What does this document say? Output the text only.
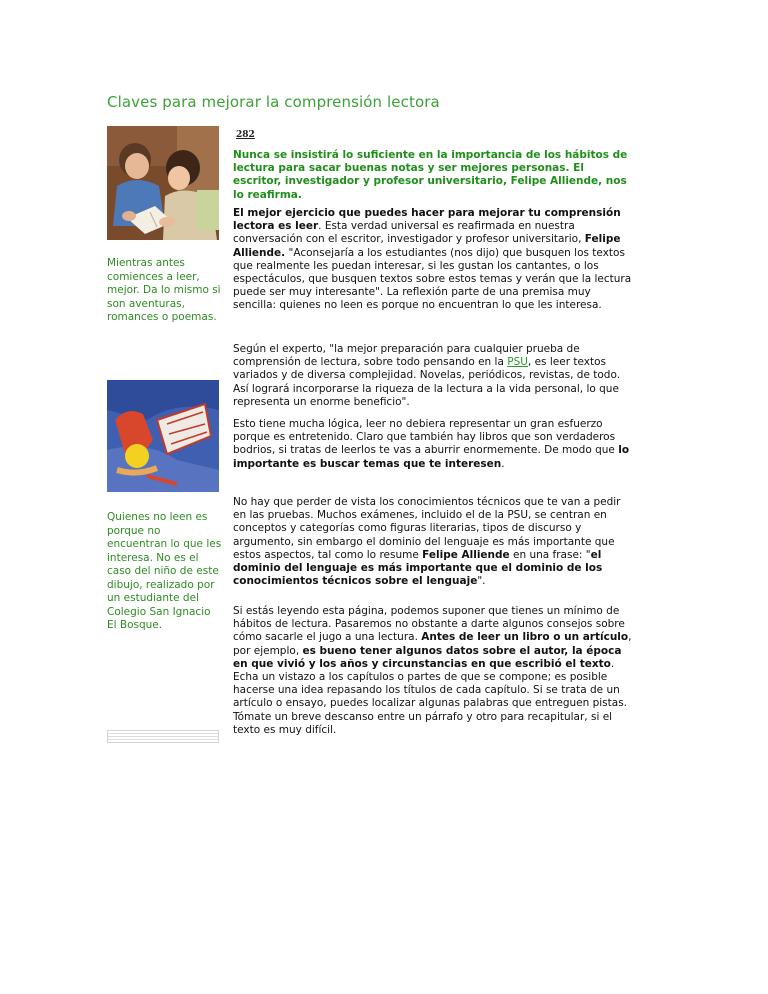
Claves para mejorar la comprensión lectora

Mientras antes comiences a leer, mejor. Da lo mismo si son aventuras, romances o poemas.

Quienes no leen es porque no encuentran lo que les interesa. No es el caso del niño de este dibujo, realizado por un estudiante del Colegio San Ignacio El Bosque.

282

Nunca se insistirá lo suficiente en la importancia de los hábitos de lectura para sacar buenas notas y ser mejores personas. El escritor, investigador y profesor universitario, Felipe Alliende, nos lo reafirma.

El mejor ejercicio que puedes hacer para mejorar tu comprensión lectora es leer. Esta verdad universal es reafirmada en nuestra conversación con el escritor, investigador y profesor universitario, Felipe Alliende. "Aconsejaría a los estudiantes (nos dijo) que busquen los textos que realmente les puedan interesar, si les gustan los cantantes, o los espectáculos, que busquen textos sobre estos temas y verán que la lectura puede ser muy interesante". La reflexión parte de una premisa muy sencilla: quienes no leen es porque no encuentran lo que les interesa.

Según el experto, "la mejor preparación para cualquier prueba de comprensión de lectura, sobre todo pensando en la PSU, es leer textos variados y de diversa complejidad. Novelas, periódicos, revistas, de todo. Así logrará incorporarse la riqueza de la lectura a la vida personal, lo que representa un enorme beneficio".

Esto tiene mucha lógica, leer no debiera representar un gran esfuerzo porque es entretenido. Claro que también hay libros que son verdaderos bodrios, si tratas de leerlos te vas a aburrir enormemente. De modo que lo importante es buscar temas que te interesen.

No hay que perder de vista los conocimientos técnicos que te van a pedir en las pruebas. Muchos exámenes, incluido el de la PSU, se centran en conceptos y categorías como figuras literarias, tipos de discurso y argumento, sin embargo el dominio del lenguaje es más importante que estos aspectos, tal como lo resume Felipe Alliende en una frase: "el dominio del lenguaje es más importante que el dominio de los conocimientos técnicos sobre el lenguaje".

Si estás leyendo esta página, podemos suponer que tienes un mínimo de hábitos de lectura. Pasaremos no obstante a darte algunos consejos sobre cómo sacarle el jugo a una lectura. Antes de leer un libro o un artículo, por ejemplo, es bueno tener algunos datos sobre el autor, la época en que vivió y los años y circunstancias en que escribió el texto. Echa un vistazo a los capítulos o partes de que se compone; es posible hacerse una idea repasando los títulos de cada capítulo. Si se trata de un artículo o ensayo, puedes localizar algunas palabras que entreguen pistas. Tómate un breve descanso entre un párrafo y otro para recapitular, si el texto es muy difícil.
